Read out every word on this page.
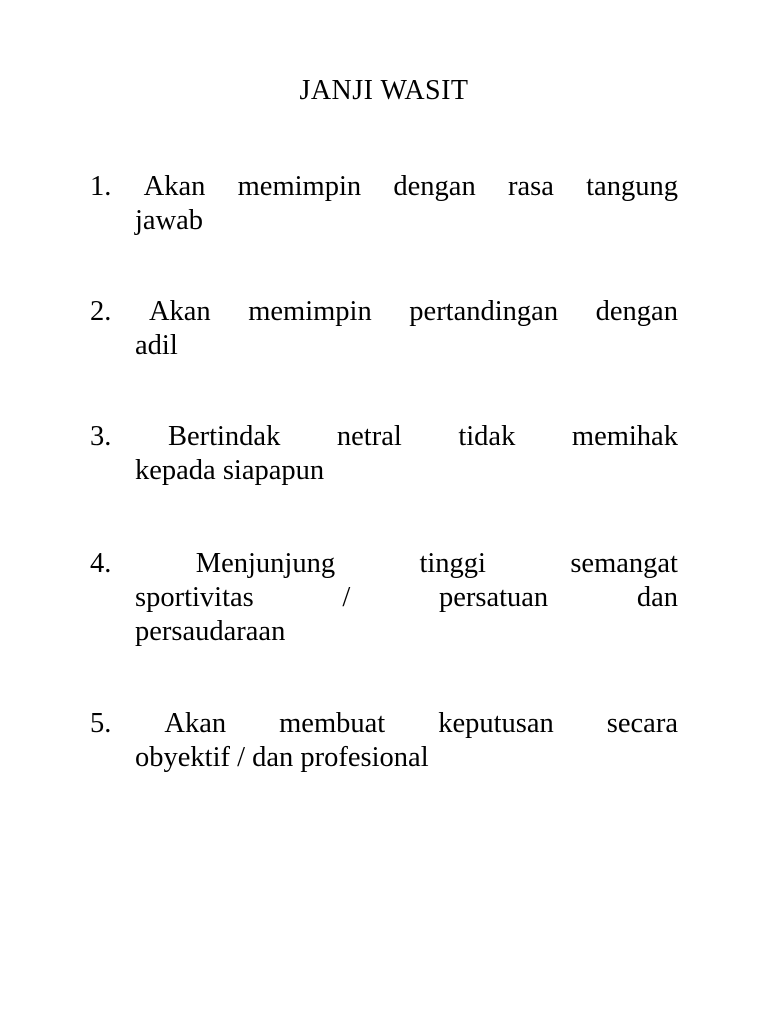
JANJI WASIT
1. Akan memimpin dengan rasa tangung
jawab
2. Akan memimpin pertandingan dengan
adil
3. Bertindak netral tidak memihak
kepada siapapun
4.	Menjunjung	tinggi	semangat
sportivitas	/	persatuan	dan
persaudaraan
5. Akan membuat keputusan secara
obyektif / dan profesional
